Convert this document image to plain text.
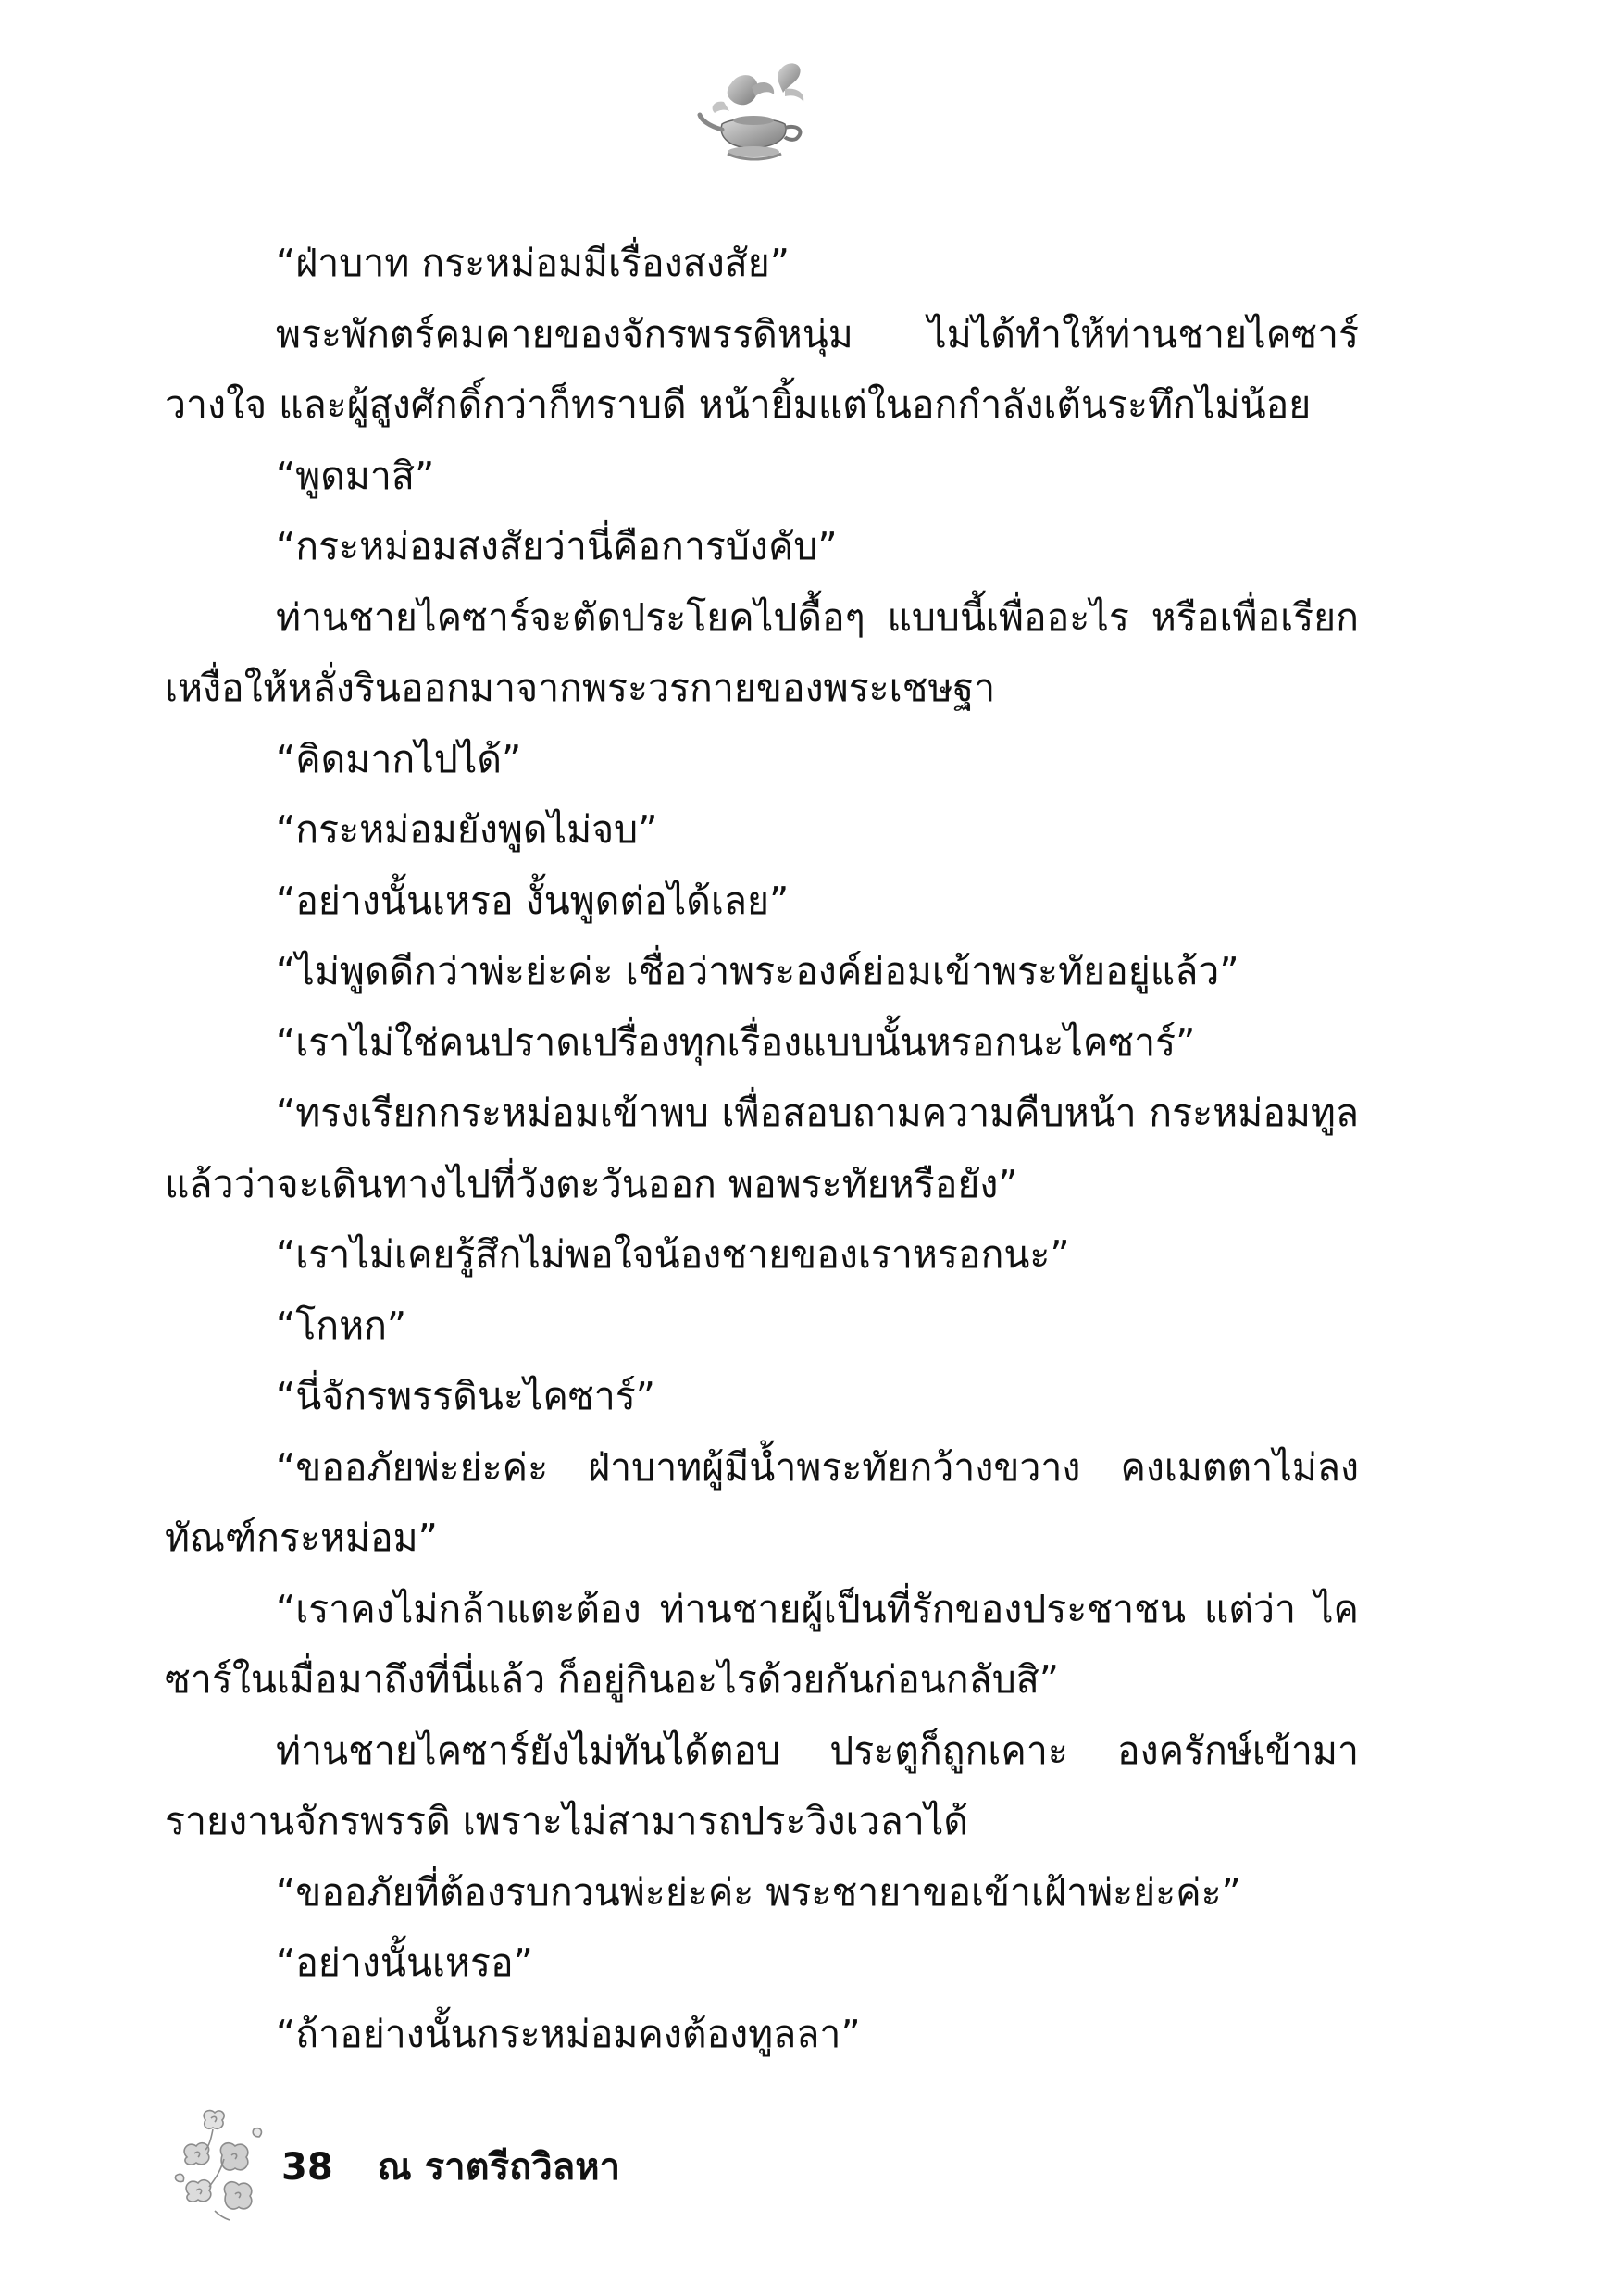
“ฝ่าบาท กระหม่อมมีเรื่องสงสัย”

พระพักตร์คมคายของจักรพรรดิหนุ่ม ไม่ได้ทำให้ท่านชายไคซาร์วางใจ และผู้สูงศักดิ์กว่าก็ทราบดี หน้ายิ้มแต่ในอกกำลังเต้นระทึกไม่น้อย

“พูดมาสิ”

“กระหม่อมสงสัยว่านี่คือการบังคับ”

ท่านชายไคซาร์จะตัดประโยคไปดื้อๆ แบบนี้เพื่ออะไร หรือเพื่อเรียกเหงื่อให้หลั่งรินออกมาจากพระวรกายของพระเชษฐา

“คิดมากไปได้”

“กระหม่อมยังพูดไม่จบ”

“อย่างนั้นเหรอ งั้นพูดต่อได้เลย”

“ไม่พูดดีกว่าพ่ะย่ะค่ะ เชื่อว่าพระองค์ย่อมเข้าพระทัยอยู่แล้ว”

“เราไม่ใช่คนปราดเปรื่องทุกเรื่องแบบนั้นหรอกนะไคซาร์”

“ทรงเรียกกระหม่อมเข้าพบ เพื่อสอบถามความคืบหน้า กระหม่อมทูลแล้วว่าจะเดินทางไปที่วังตะวันออก พอพระทัยหรือยัง”

“เราไม่เคยรู้สึกไม่พอใจน้องชายของเราหรอกนะ”

“โกหก”

“นี่จักรพรรดินะไคซาร์”

“ขออภัยพ่ะย่ะค่ะ ฝ่าบาทผู้มีน้ำพระทัยกว้างขวาง คงเมตตาไม่ลงทัณฑ์กระหม่อม”

“เราคงไม่กล้าแตะต้อง ท่านชายผู้เป็นที่รักของประชาชน แต่ว่า ไคซาร์ในเมื่อมาถึงที่นี่แล้ว ก็อยู่กินอะไรด้วยกันก่อนกลับสิ”

ท่านชายไคซาร์ยังไม่ทันได้ตอบ ประตูก็ถูกเคาะ องครักษ์เข้ามารายงานจักรพรรดิ เพราะไม่สามารถประวิงเวลาได้

“ขออภัยที่ต้องรบกวนพ่ะย่ะค่ะ พระชายาขอเข้าเฝ้าพ่ะย่ะค่ะ”

“อย่างนั้นเหรอ”

“ถ้าอย่างนั้นกระหม่อมคงต้องทูลลา”

38 ณ ราตรีถวิลหา
